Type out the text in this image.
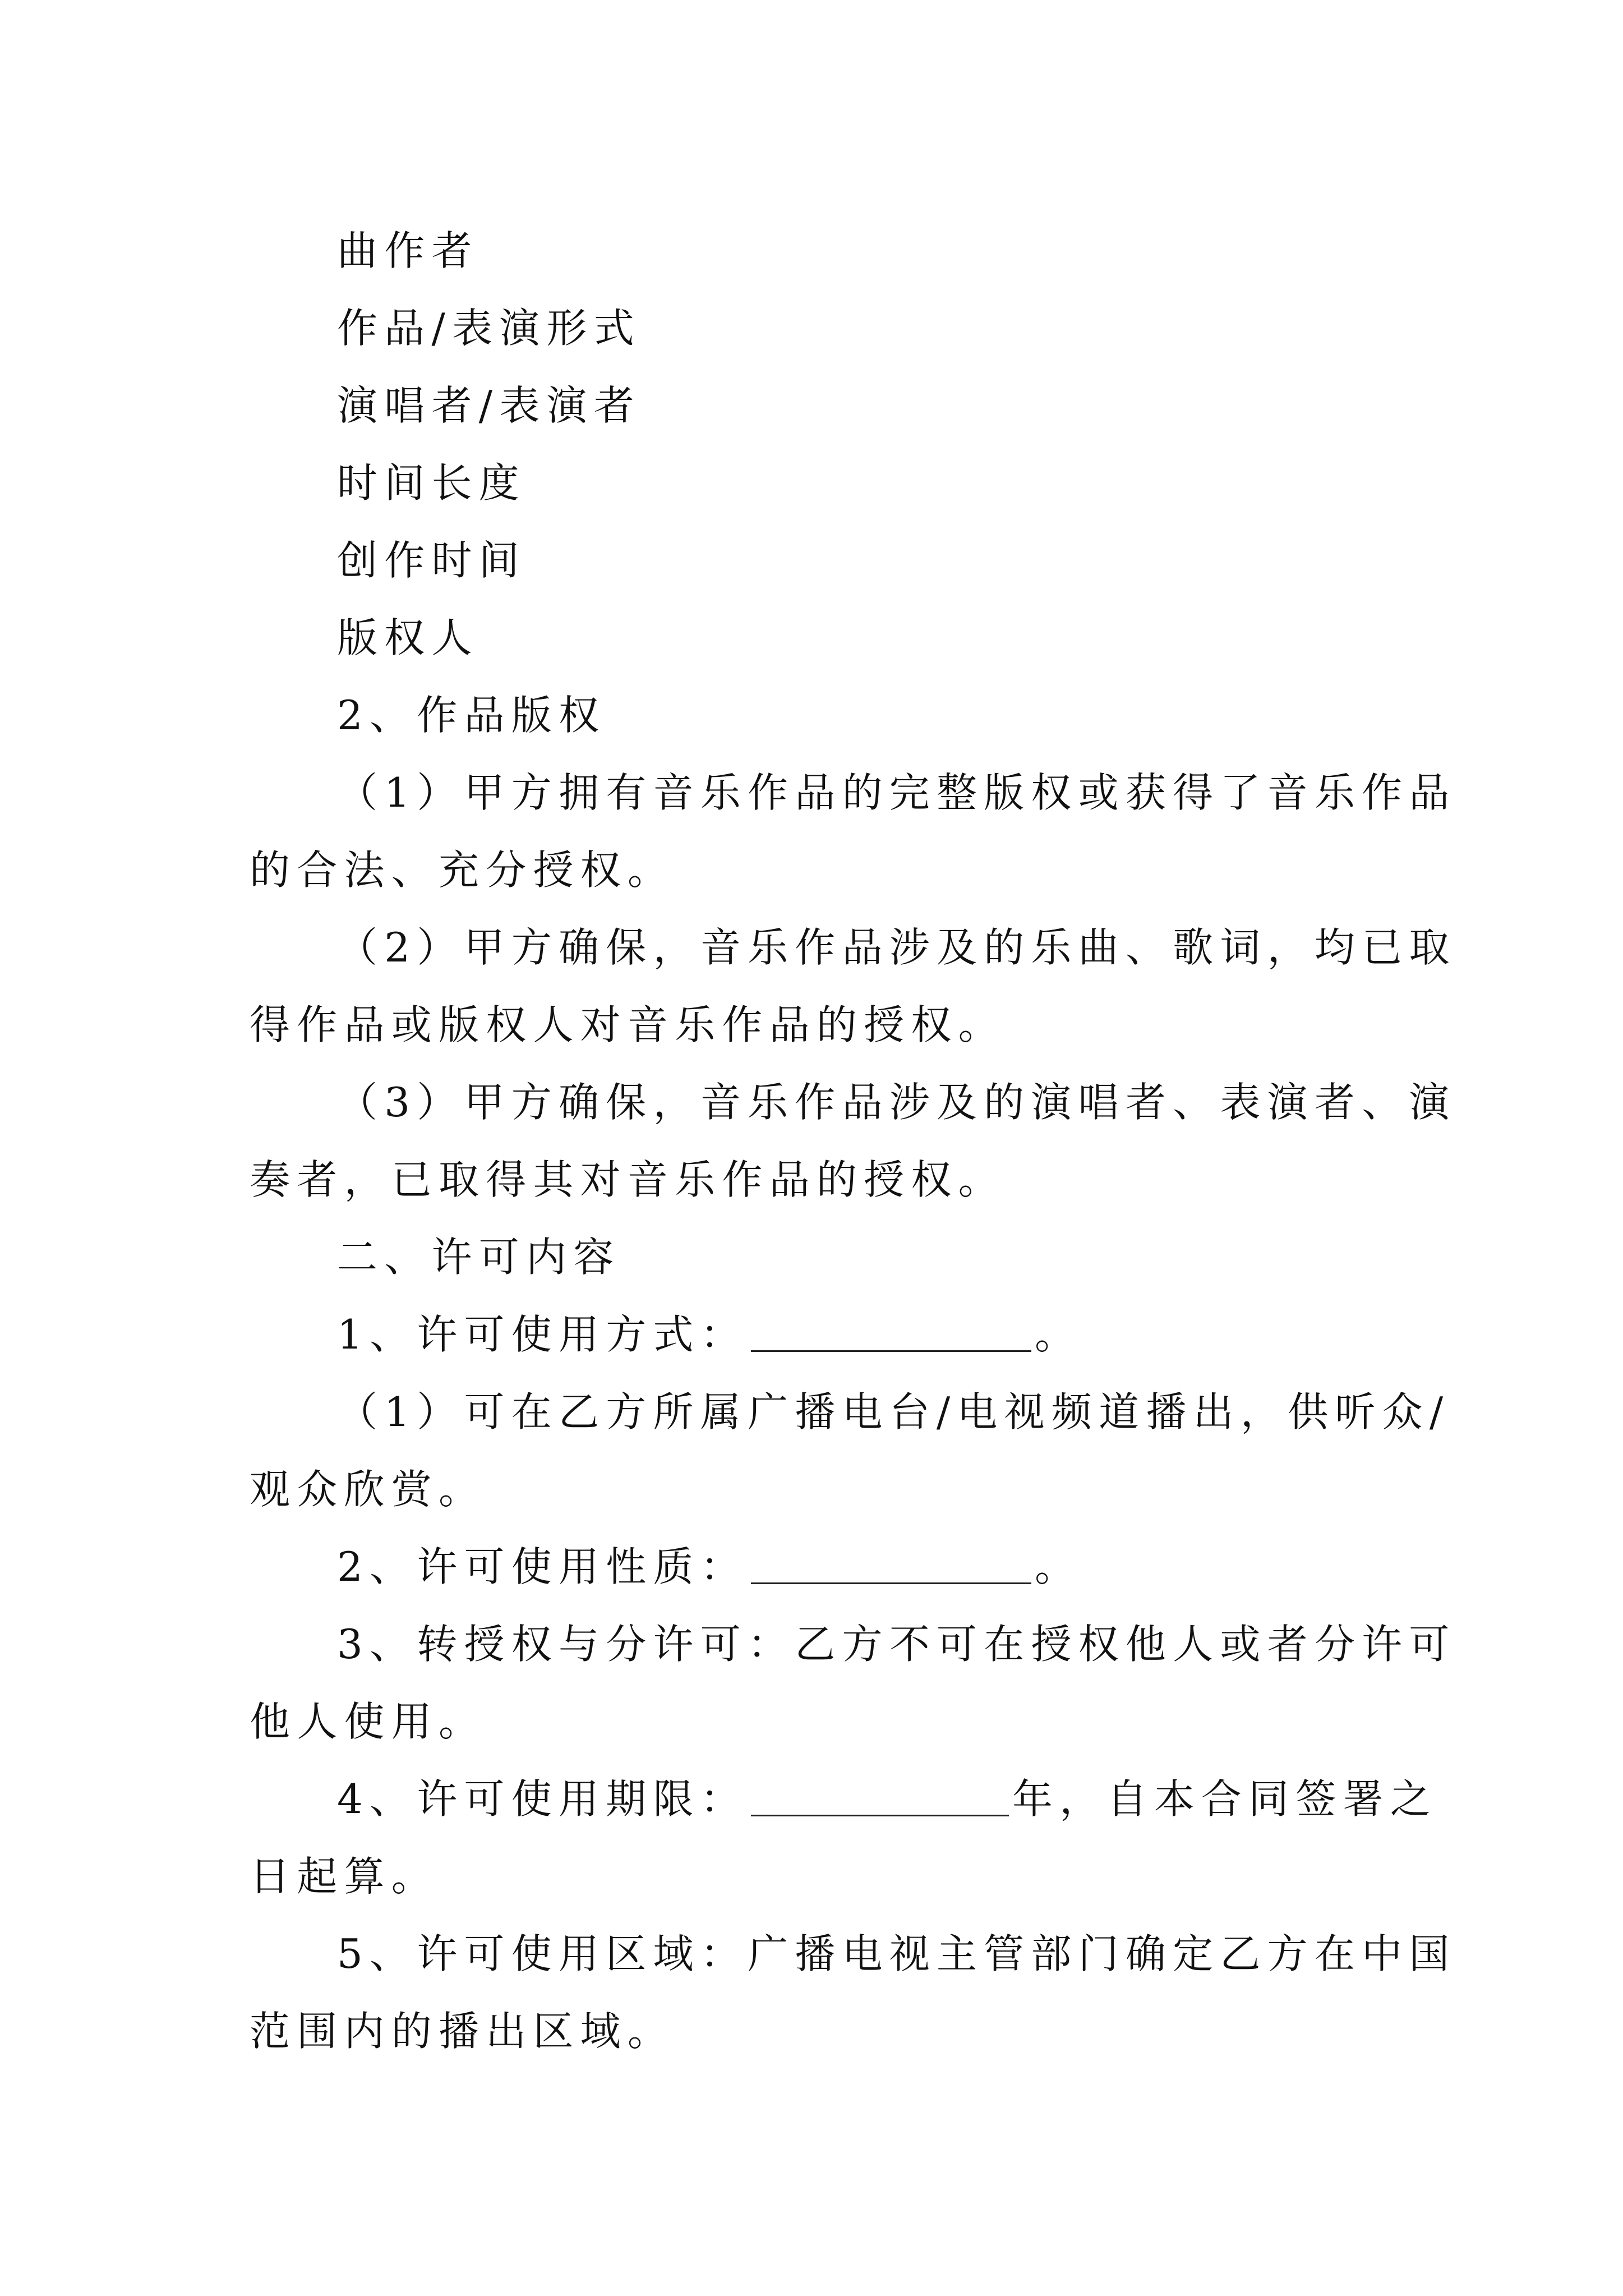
曲作者
作品/表演形式
演唱者/表演者
时间长度
创作时间
版权人
2、作品版权
（1）甲方拥有音乐作品的完整版权或获得了音乐作品
的合法、充分授权。
（2）甲方确保，音乐作品涉及的乐曲、歌词，均已取
得作品或版权人对音乐作品的授权。
（3）甲方确保，音乐作品涉及的演唱者、表演者、演
奏者，已取得其对音乐作品的授权。
二、许可内容
1、许可使用方式：	。
（1）可在乙方所属广播电台/电视频道播出，供听众/
观众欣赏。
2、许可使用性质：	。
3、转授权与分许可：乙方不可在授权他人或者分许可
他人使用。
4、许可使用期限：	年，自本合同签署之
日起算。
5、许可使用区域：广播电视主管部门确定乙方在中国
范围内的播出区域。
